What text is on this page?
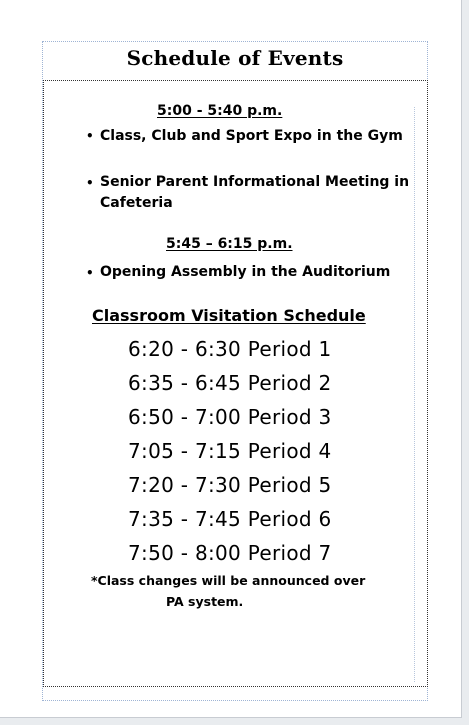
Schedule of Events
5:00 - 5:40 p.m.
• Class, Club and Sport Expo in the Gym
• Senior Parent Informational Meeting in
Cafeteria
5:45 – 6:15 p.m.
• Opening Assembly in the Auditorium
Classroom Visitation Schedule
6:20 - 6:30 Period 1
6:35 - 6:45 Period 2
6:50 - 7:00 Period 3
7:05 - 7:15 Period 4
7:20 - 7:30 Period 5
7:35 - 7:45 Period 6
7:50 - 8:00 Period 7
*Class changes will be announced over
PA system.
